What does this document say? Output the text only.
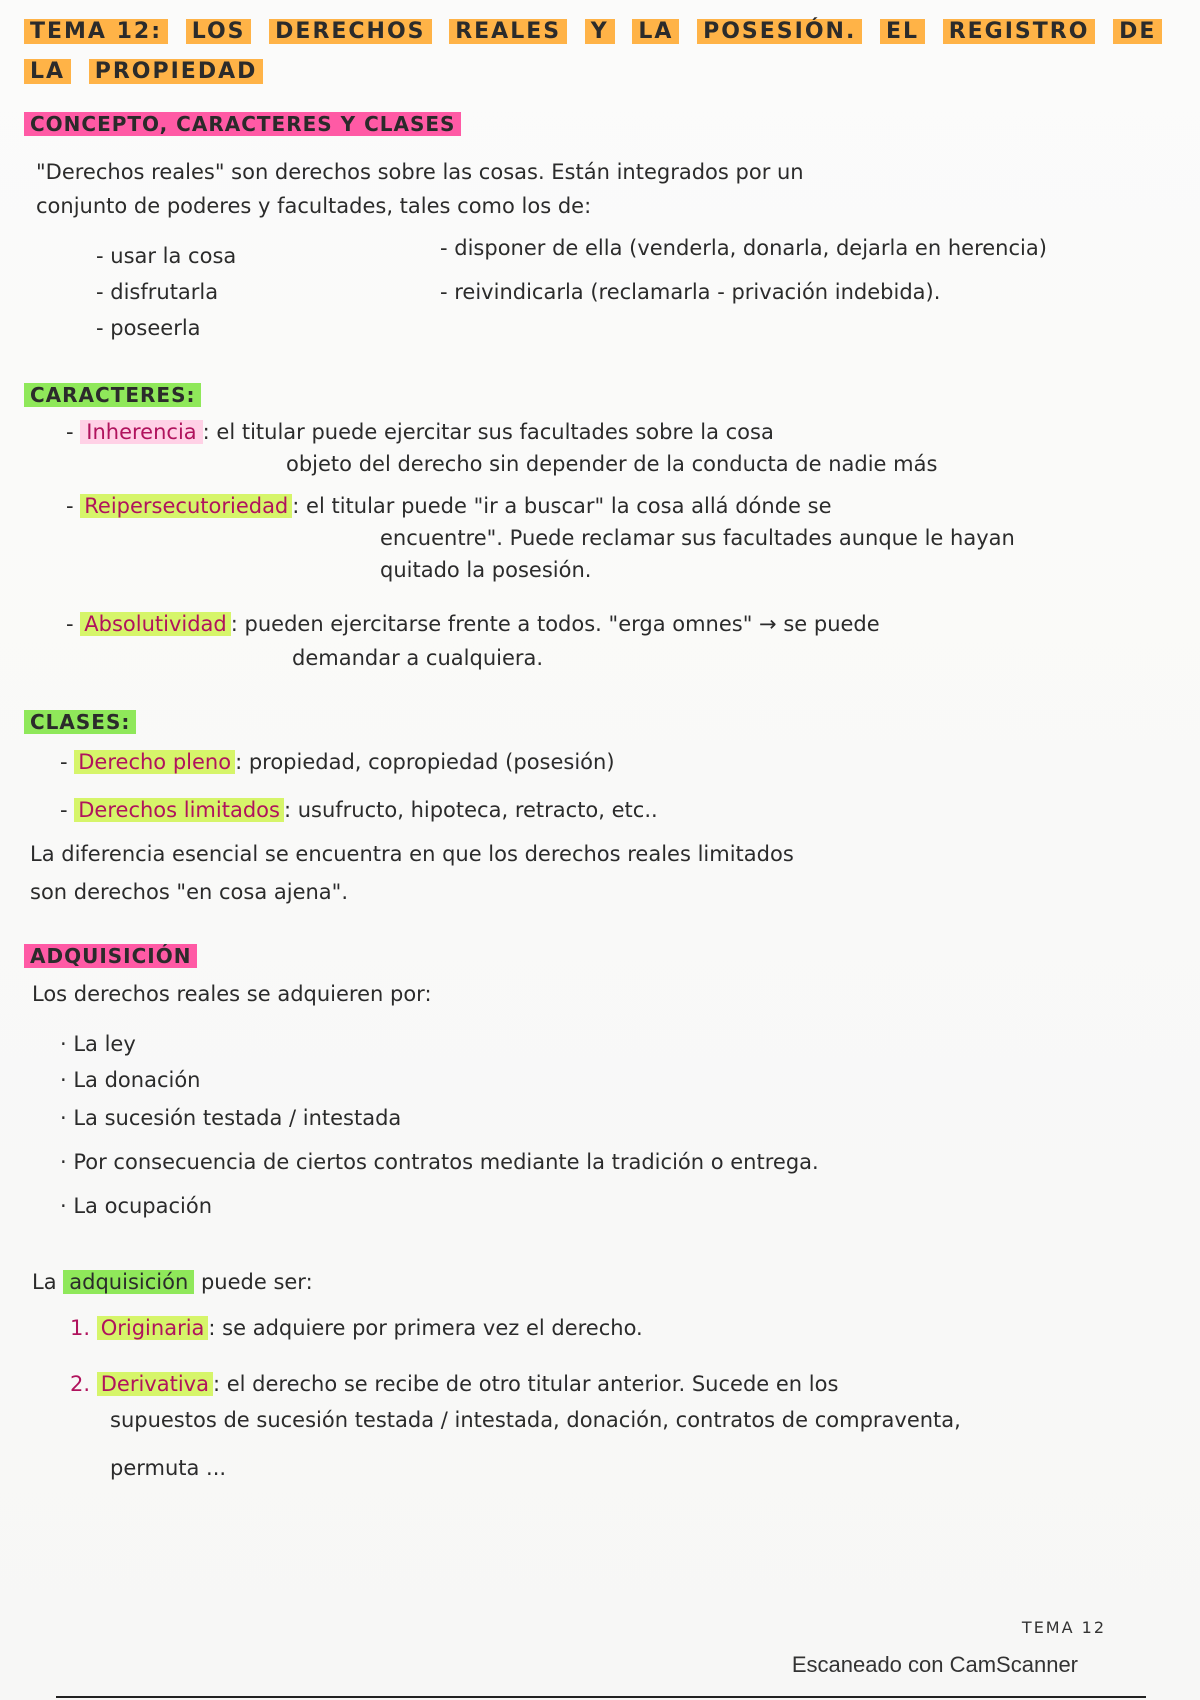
TEMA 12: LOS DERECHOS REALES Y LA POSESIÓN. EL REGISTRO DE LA PROPIEDAD
CONCEPTO, CARACTERES Y CLASES
"Derechos reales" son derechos sobre las cosas. Están integrados por un
conjunto de poderes y facultades, tales como los de:
- usar la cosa
- disfrutarla
- poseerla
- disponer de ella (venderla, donarla, dejarla en herencia)
- reivindicarla (reclamarla - privación indebida).
CARACTERES:
- Inherencia : el titular puede ejercitar sus facultades sobre la cosa
objeto del derecho sin depender de la conducta de nadie más
- Reipersecutoriedad : el titular puede "ir a buscar" la cosa allá dónde se
encuentre". Puede reclamar sus facultades aunque le hayan
quitado la posesión.
- Absolutividad : pueden ejercitarse frente a todos. "erga omnes" → se puede
demandar a cualquiera.
CLASES:
- Derecho pleno : propiedad, copropiedad (posesión)
- Derechos limitados : usufructo, hipoteca, retracto, etc..
La diferencia esencial se encuentra en que los derechos reales limitados
son derechos "en cosa ajena".
ADQUISICIÓN
Los derechos reales se adquieren por:
· La ley
· La donación
· La sucesión testada / intestada
· Por consecuencia de ciertos contratos mediante la tradición o entrega.
· La ocupación
La adquisición puede ser:
1. Originaria : se adquiere por primera vez el derecho.
2. Derivativa : el derecho se recibe de otro titular anterior. Sucede en los
supuestos de sucesión testada / intestada, donación, contratos de compraventa,
permuta ...
TEMA 12
Escaneado con CamScanner
